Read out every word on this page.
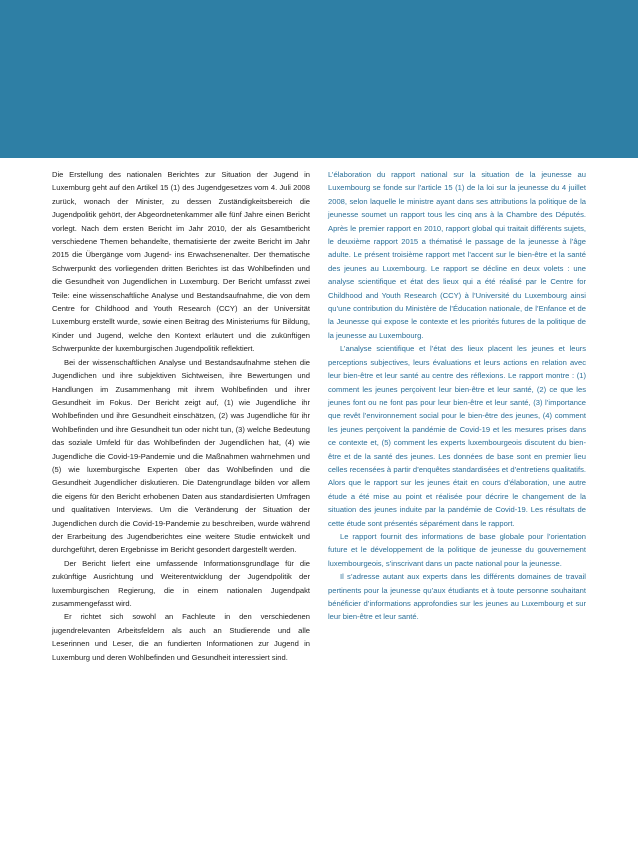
Die Erstellung des nationalen Berichtes zur Situation der Jugend in Luxemburg geht auf den Artikel 15 (1) des Jugendgesetzes vom 4. Juli 2008 zurück, wonach der Minister, zu dessen Zuständigkeitsbereich die Jugendpolitik gehört, der Abgeordnetenkammer alle fünf Jahre einen Bericht vorlegt. Nach dem ersten Bericht im Jahr 2010, der als Gesamtbericht verschiedene Themen behandelte, thematisierte der zweite Bericht im Jahr 2015 die Übergänge vom Jugend- ins Erwachsenenalter. Der thematische Schwerpunkt des vorliegenden dritten Berichtes ist das Wohlbefinden und die Gesundheit von Jugendlichen in Luxemburg. Der Bericht umfasst zwei Teile: eine wissenschaftliche Analyse und Bestandsaufnahme, die von dem Centre for Childhood and Youth Research (CCY) an der Universität Luxemburg erstellt wurde, sowie einen Beitrag des Ministeriums für Bildung, Kinder und Jugend, welche den Kontext erläutert und die zukünftigen Schwerpunkte der luxemburgischen Jugendpolitik reflektiert.

Bei der wissenschaftlichen Analyse und Bestandsaufnahme stehen die Jugendlichen und ihre subjektiven Sichtweisen, ihre Bewertungen und Handlungen im Zusammenhang mit ihrem Wohlbefinden und ihrer Gesundheit im Fokus. Der Bericht zeigt auf, (1) wie Jugendliche ihr Wohlbefinden und ihre Gesundheit einschätzen, (2) was Jugendliche für ihr Wohlbefinden und ihre Gesundheit tun oder nicht tun, (3) welche Bedeutung das soziale Umfeld für das Wohlbefinden der Jugendlichen hat, (4) wie Jugendliche die Covid-19-Pandemie und die Maßnahmen wahrnehmen und (5) wie luxemburgische Experten über das Wohlbefinden und die Gesundheit Jugendlicher diskutieren. Die Datengrundlage bilden vor allem die eigens für den Bericht erhobenen Daten aus standardisierten Umfragen und qualitativen Interviews. Um die Veränderung der Situation der Jugendlichen durch die Covid-19-Pandemie zu beschreiben, wurde während der Erarbeitung des Jugendberichtes eine weitere Studie entwickelt und durchgeführt, deren Ergebnisse im Bericht gesondert dargestellt werden.

Der Bericht liefert eine umfassende Informationsgrundlage für die zukünftige Ausrichtung und Weiterentwicklung der Jugendpolitik der luxemburgischen Regierung, die in einem nationalen Jugendpakt zusammengefasst wird.

Er richtet sich sowohl an Fachleute in den verschiedenen jugendrelevanten Arbeitsfeldern als auch an Studierende und alle Leserinnen und Leser, die an fundierten Informationen zur Jugend in Luxemburg und deren Wohlbefinden und Gesundheit interessiert sind.

L’élaboration du rapport national sur la situation de la jeunesse au Luxembourg se fonde sur l’article 15 (1) de la loi sur la jeunesse du 4 juillet 2008, selon laquelle le ministre ayant dans ses attributions la politique de la jeunesse soumet un rapport tous les cinq ans à la Chambre des Députés. Après le premier rapport en 2010, rapport global qui traitait différents sujets, le deuxième rapport 2015 a thématisé le passage de la jeunesse à l’âge adulte. Le présent troisième rapport met l’accent sur le bien-être et la santé des jeunes au Luxembourg. Le rapport se décline en deux volets : une analyse scientifique et état des lieux qui a été réalisé par le Centre for Childhood and Youth Research (CCY) à l’Université du Luxembourg ainsi qu’une contribution du Ministère de l’Éducation nationale, de l’Enfance et de la Jeunesse qui expose le contexte et les priorités futures de la politique de la jeunesse au Luxembourg.

L’analyse scientifique et l’état des lieux placent les jeunes et leurs perceptions subjectives, leurs évaluations et leurs actions en relation avec leur bien-être et leur santé au centre des réflexions. Le rapport montre : (1) comment les jeunes perçoivent leur bien-être et leur santé, (2) ce que les jeunes font ou ne font pas pour leur bien-être et leur santé, (3) l’importance que revêt l’environnement social pour le bien-être des jeunes, (4) comment les jeunes perçoivent la pandémie de Covid-19 et les mesures prises dans ce contexte et, (5) comment les experts luxembourgeois discutent du bien-être et de la santé des jeunes. Les données de base sont en premier lieu celles recensées à partir d’enquêtes standardisées et d’entretiens qualitatifs. Alors que le rapport sur les jeunes était en cours d’élaboration, une autre étude a été mise au point et réalisée pour décrire le changement de la situation des jeunes induite par la pandémie de Covid-19. Les résultats de cette étude sont présentés séparément dans le rapport.

Le rapport fournit des informations de base globale pour l’orientation future et le développement de la politique de jeunesse du gouvernement luxembourgeois, s’inscrivant dans un pacte national pour la jeunesse.

Il s’adresse autant aux experts dans les différents domaines de travail pertinents pour la jeunesse qu’aux étudiants et à toute personne souhaitant bénéficier d’informations approfondies sur les jeunes au Luxembourg et sur leur bien-être et leur santé.
